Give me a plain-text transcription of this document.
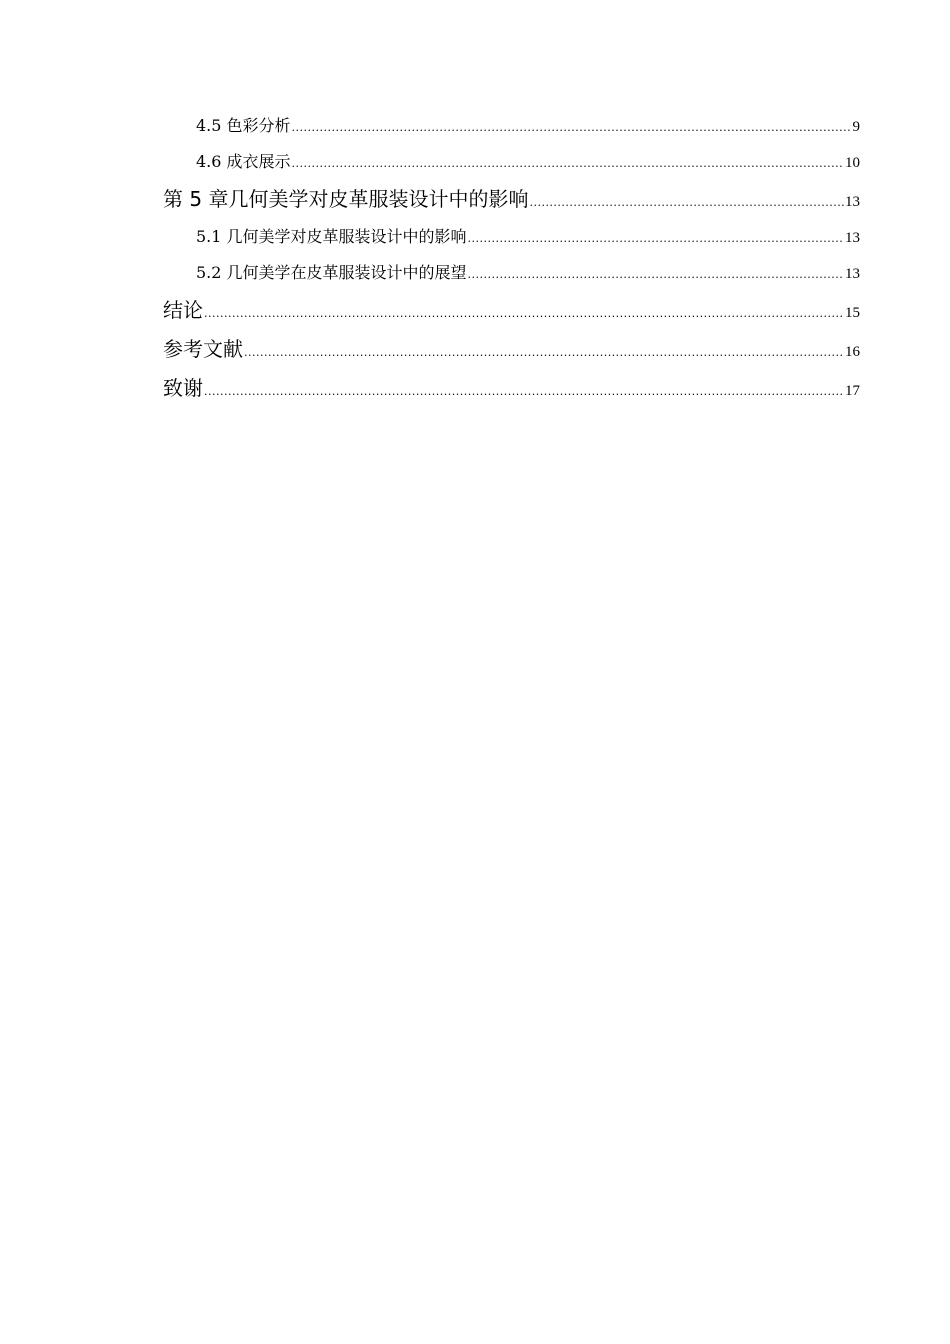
4.5 色彩分析 .....	9
4.6 成衣展示 .....	10
第 5 章几何美学对皮革服装设计中的影响 .....	13
5.1 几何美学对皮革服装设计中的影响 .....	13
5.2 几何美学在皮革服装设计中的展望 .....	13
结论 .....	15
参考文献 .....	16
致谢 .....	17
